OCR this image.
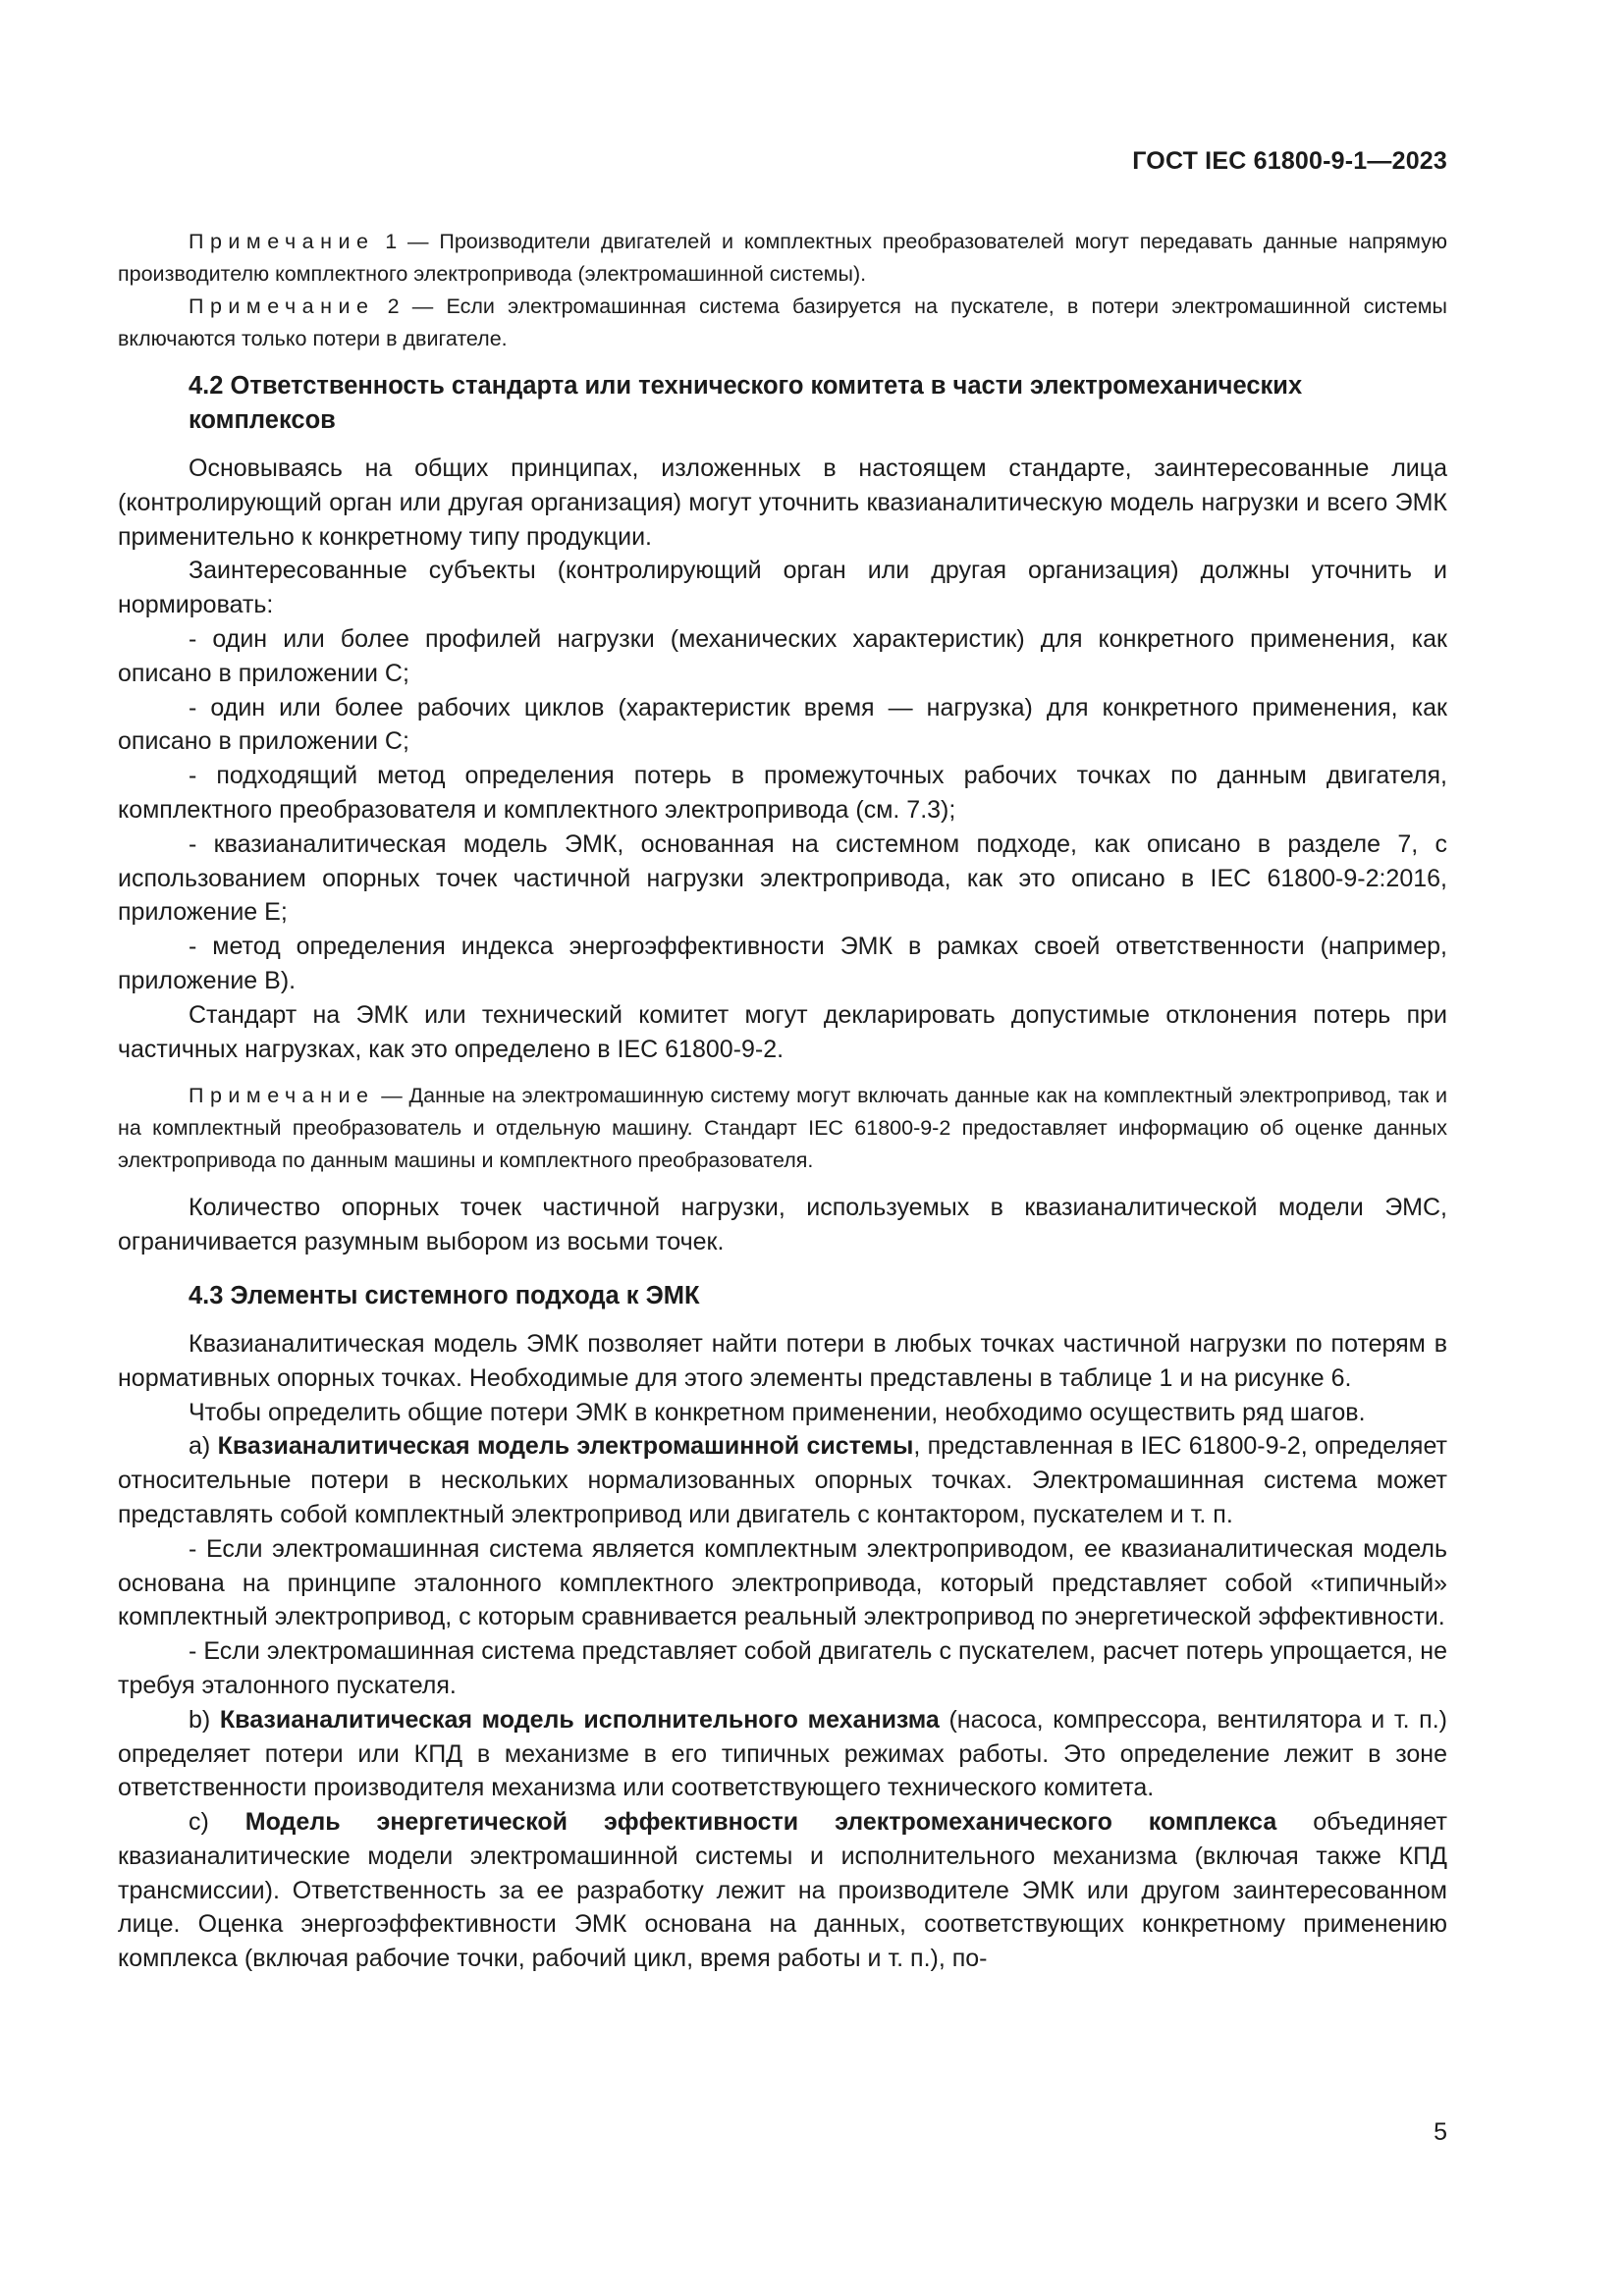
ГОСТ IEC 61800-9-1—2023

Примечание 1 — Производители двигателей и комплектных преобразователей могут передавать данные напрямую производителю комплектного электропривода (электромашинной системы).

Примечание 2 — Если электромашинная система базируется на пускателе, в потери электромашинной системы включаются только потери в двигателе.

4.2 Ответственность стандарта или технического комитета в части электромеханических комплексов

Основываясь на общих принципах, изложенных в настоящем стандарте, заинтересованные лица (контролирующий орган или другая организация) могут уточнить квазианалитическую модель нагрузки и всего ЭМК применительно к конкретному типу продукции.

Заинтересованные субъекты (контролирующий орган или другая организация) должны уточнить и нормировать:

- один или более профилей нагрузки (механических характеристик) для конкретного применения, как описано в приложении С;

- один или более рабочих циклов (характеристик время — нагрузка) для конкретного применения, как описано в приложении С;

- подходящий метод определения потерь в промежуточных рабочих точках по данным двигателя, комплектного преобразователя и комплектного электропривода (см. 7.3);

- квазианалитическая модель ЭМК, основанная на системном подходе, как описано в разделе 7, с использованием опорных точек частичной нагрузки электропривода, как это описано в IEC 61800-9-2:2016, приложение Е;

- метод определения индекса энергоэффективности ЭМК в рамках своей ответственности (например, приложение В).

Стандарт на ЭМК или технический комитет могут декларировать допустимые отклонения потерь при частичных нагрузках, как это определено в IEC 61800-9-2.

Примечание — Данные на электромашинную систему могут включать данные как на комплектный электропривод, так и на комплектный преобразователь и отдельную машину. Стандарт IEC 61800-9-2 предоставляет информацию об оценке данных электропривода по данным машины и комплектного преобразователя.

Количество опорных точек частичной нагрузки, используемых в квазианалитической модели ЭМС, ограничивается разумным выбором из восьми точек.

4.3 Элементы системного подхода к ЭМК

Квазианалитическая модель ЭМК позволяет найти потери в любых точках частичной нагрузки по потерям в нормативных опорных точках. Необходимые для этого элементы представлены в таблице 1 и на рисунке 6.

Чтобы определить общие потери ЭМК в конкретном применении, необходимо осуществить ряд шагов.

а) Квазианалитическая модель электромашинной системы, представленная в IEC 61800-9-2, определяет относительные потери в нескольких нормализованных опорных точках. Электромашинная система может представлять собой комплектный электропривод или двигатель с контактором, пускателем и т. п.

- Если электромашинная система является комплектным электроприводом, ее квазианалитическая модель основана на принципе эталонного комплектного электропривода, который представляет собой «типичный» комплектный электропривод, с которым сравнивается реальный электропривод по энергетической эффективности.

- Если электромашинная система представляет собой двигатель с пускателем, расчет потерь упрощается, не требуя эталонного пускателя.

b) Квазианалитическая модель исполнительного механизма (насоса, компрессора, вентилятора и т. п.) определяет потери или КПД в механизме в его типичных режимах работы. Это определение лежит в зоне ответственности производителя механизма или соответствующего технического комитета.

с) Модель энергетической эффективности электромеханического комплекса объединяет квазианалитические модели электромашинной системы и исполнительного механизма (включая также КПД трансмиссии). Ответственность за ее разработку лежит на производителе ЭМК или другом заинтересованном лице. Оценка энергоэффективности ЭМК основана на данных, соответствующих конкретному применению комплекса (включая рабочие точки, рабочий цикл, время работы и т. п.), по-

5
